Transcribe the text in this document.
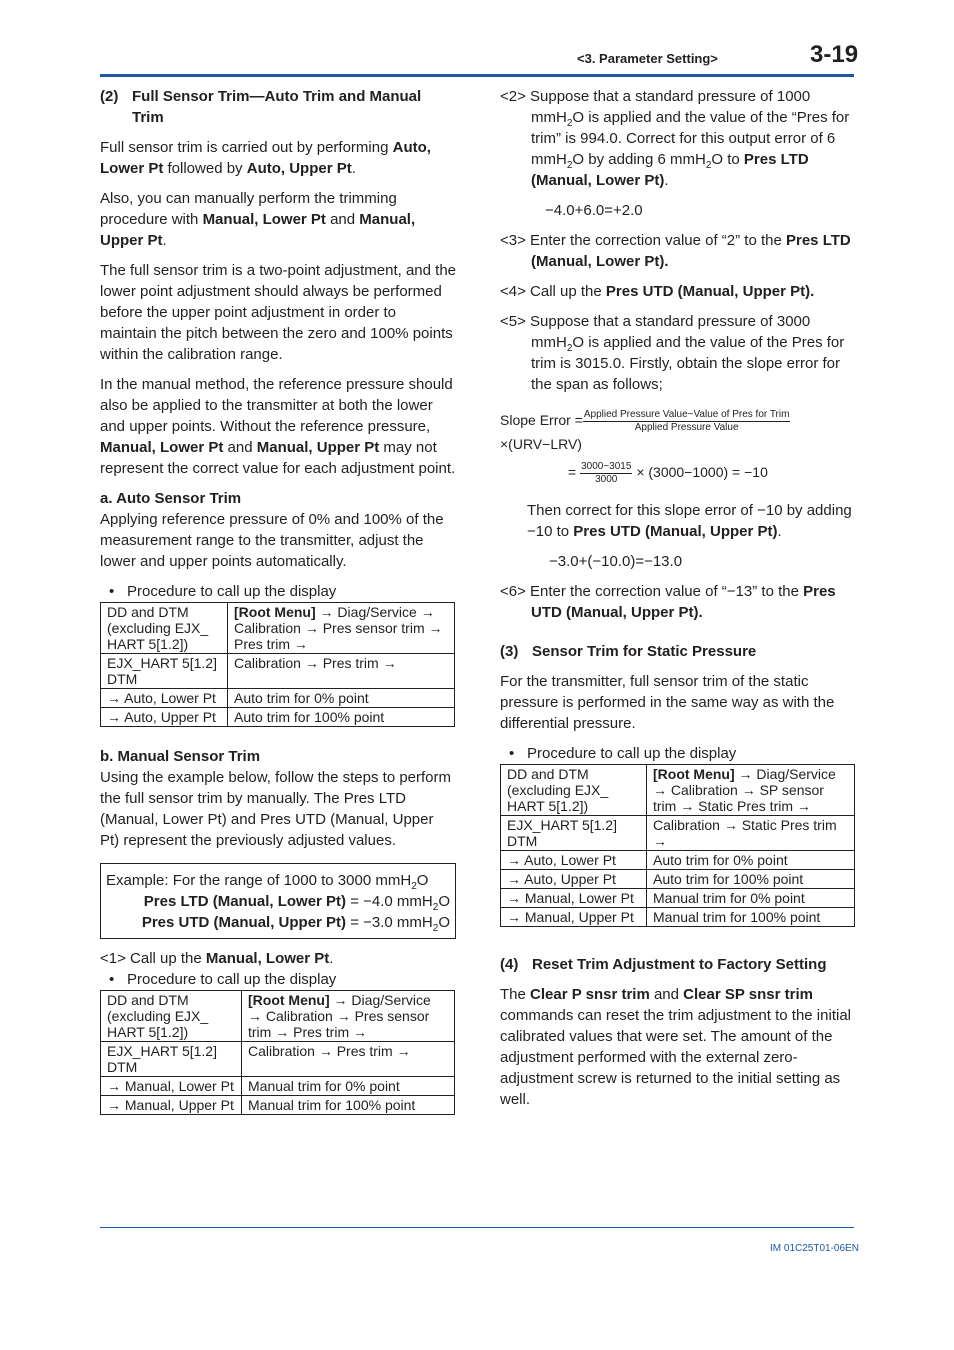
<3. Parameter Setting>	3-19
(2) Full Sensor Trim—Auto Trim and Manual Trim

Full sensor trim is carried out by performing Auto, Lower Pt followed by Auto, Upper Pt.

Also, you can manually perform the trimming procedure with Manual, Lower Pt and Manual, Upper Pt.

The full sensor trim is a two-point adjustment, and the lower point adjustment should always be performed before the upper point adjustment in order to maintain the pitch between the zero and 100% points within the calibration range.

In the manual method, the reference pressure should also be applied to the transmitter at both the lower and upper points. Without the reference pressure, Manual, Lower Pt and Manual, Upper Pt may not represent the correct value for each adjustment point.

a. Auto Sensor Trim

Applying reference pressure of 0% and 100% of the measurement range to the transmitter, adjust the lower and upper points automatically.

• Procedure to call up the display

DD and DTM (excluding EJX_ HART 5[1.2])	[Root Menu] → Diag/Service → Calibration → Pres sensor trim → Pres trim →
EJX_HART 5[1.2] DTM	Calibration → Pres trim →
→ Auto, Lower Pt	Auto trim for 0% point
→ Auto, Upper Pt	Auto trim for 100% point
b. Manual Sensor Trim

Using the example below, follow the steps to perform the full sensor trim by manually. The Pres LTD (Manual, Lower Pt) and Pres UTD (Manual, Upper Pt) represent the previously adjusted values.

Example: For the range of 1000 to 3000 mmH$_2$O
Pres LTD (Manual, Lower Pt) = −4.0 mmH$_2$O
Pres UTD (Manual, Upper Pt) = −3.0 mmH$_2$O

<1> Call up the Manual, Lower Pt.

• Procedure to call up the display

DD and DTM (excluding EJX_ HART 5[1.2])	[Root Menu] → Diag/Service → Calibration → Pres sensor trim → Pres trim →
EJX_HART 5[1.2] DTM	Calibration → Pres trim →
→ Manual, Lower Pt	Manual trim for 0% point
→ Manual, Upper Pt	Manual trim for 100% point

<2> Suppose that a standard pressure of 1000 mmH$_2$O is applied and the value of the “Pres for trim” is 994.0. Correct for this output error of 6 mmH$_2$O by adding 6 mmH$_2$O to Pres LTD (Manual, Lower Pt).

−4.0+6.0=+2.0

<3> Enter the correction value of “2” to the Pres LTD (Manual, Lower Pt).

<4> Call up the Pres UTD (Manual, Upper Pt).

<5> Suppose that a standard pressure of 3000 mmH$_2$O is applied and the value of the Pres for trim is 3015.0. Firstly, obtain the slope error for the span as follows;

Slope Error = $\frac{\text{Applied Pressure Value−Value of Pres for Trim}}{\text{Applied Pressure Value}}$
×(URV−LRV)
= $\frac{3000-3015}{3000} \times (3000-1000) = -10$

Then correct for this slope error of −10 by adding −10 to Pres UTD (Manual, Upper Pt).

−3.0+(−10.0)=−13.0

<6> Enter the correction value of “−13” to the Pres UTD (Manual, Upper Pt).

(3) Sensor Trim for Static Pressure

For the transmitter, full sensor trim of the static pressure is performed in the same way as with the differential pressure.

• Procedure to call up the display

DD and DTM (excluding EJX_ HART 5[1.2])	[Root Menu] → Diag/Service → Calibration → SP sensor trim → Static Pres trim →
EJX_HART 5[1.2] DTM	Calibration → Static Pres trim →
→ Auto, Lower Pt	Auto trim for 0% point
→ Auto, Upper Pt	Auto trim for 100% point
→ Manual, Lower Pt	Manual trim for 0% point
→ Manual, Upper Pt	Manual trim for 100% point
(4) Reset Trim Adjustment to Factory Setting

The Clear P snsr trim and Clear SP snsr trim commands can reset the trim adjustment to the initial calibrated values that were set. The amount of the adjustment performed with the external zero-adjustment screw is returned to the initial setting as well.

IM 01C25T01-06EN
